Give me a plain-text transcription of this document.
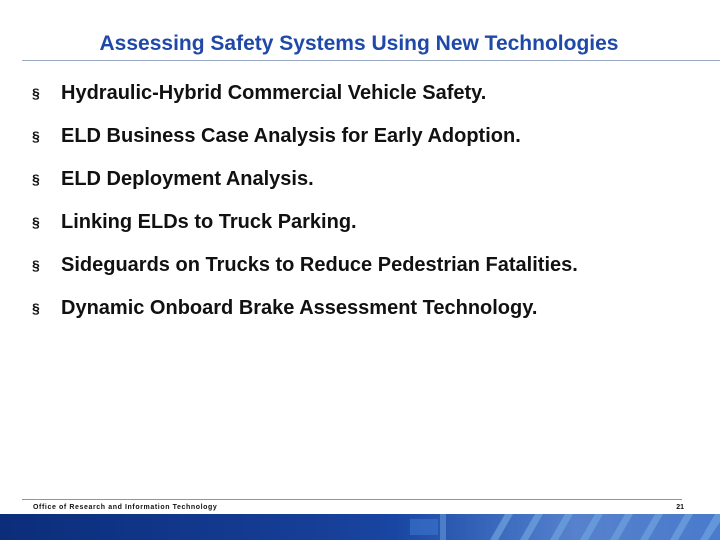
Assessing Safety Systems Using New Technologies
§	Hydraulic-Hybrid Commercial Vehicle Safety.
§	ELD Business Case Analysis for Early Adoption.
§	ELD Deployment Analysis.
§	Linking ELDs to Truck Parking.
§	Sideguards on Trucks to Reduce Pedestrian Fatalities.
§	Dynamic Onboard Brake Assessment Technology.
Office of Research and Information Technology	21
